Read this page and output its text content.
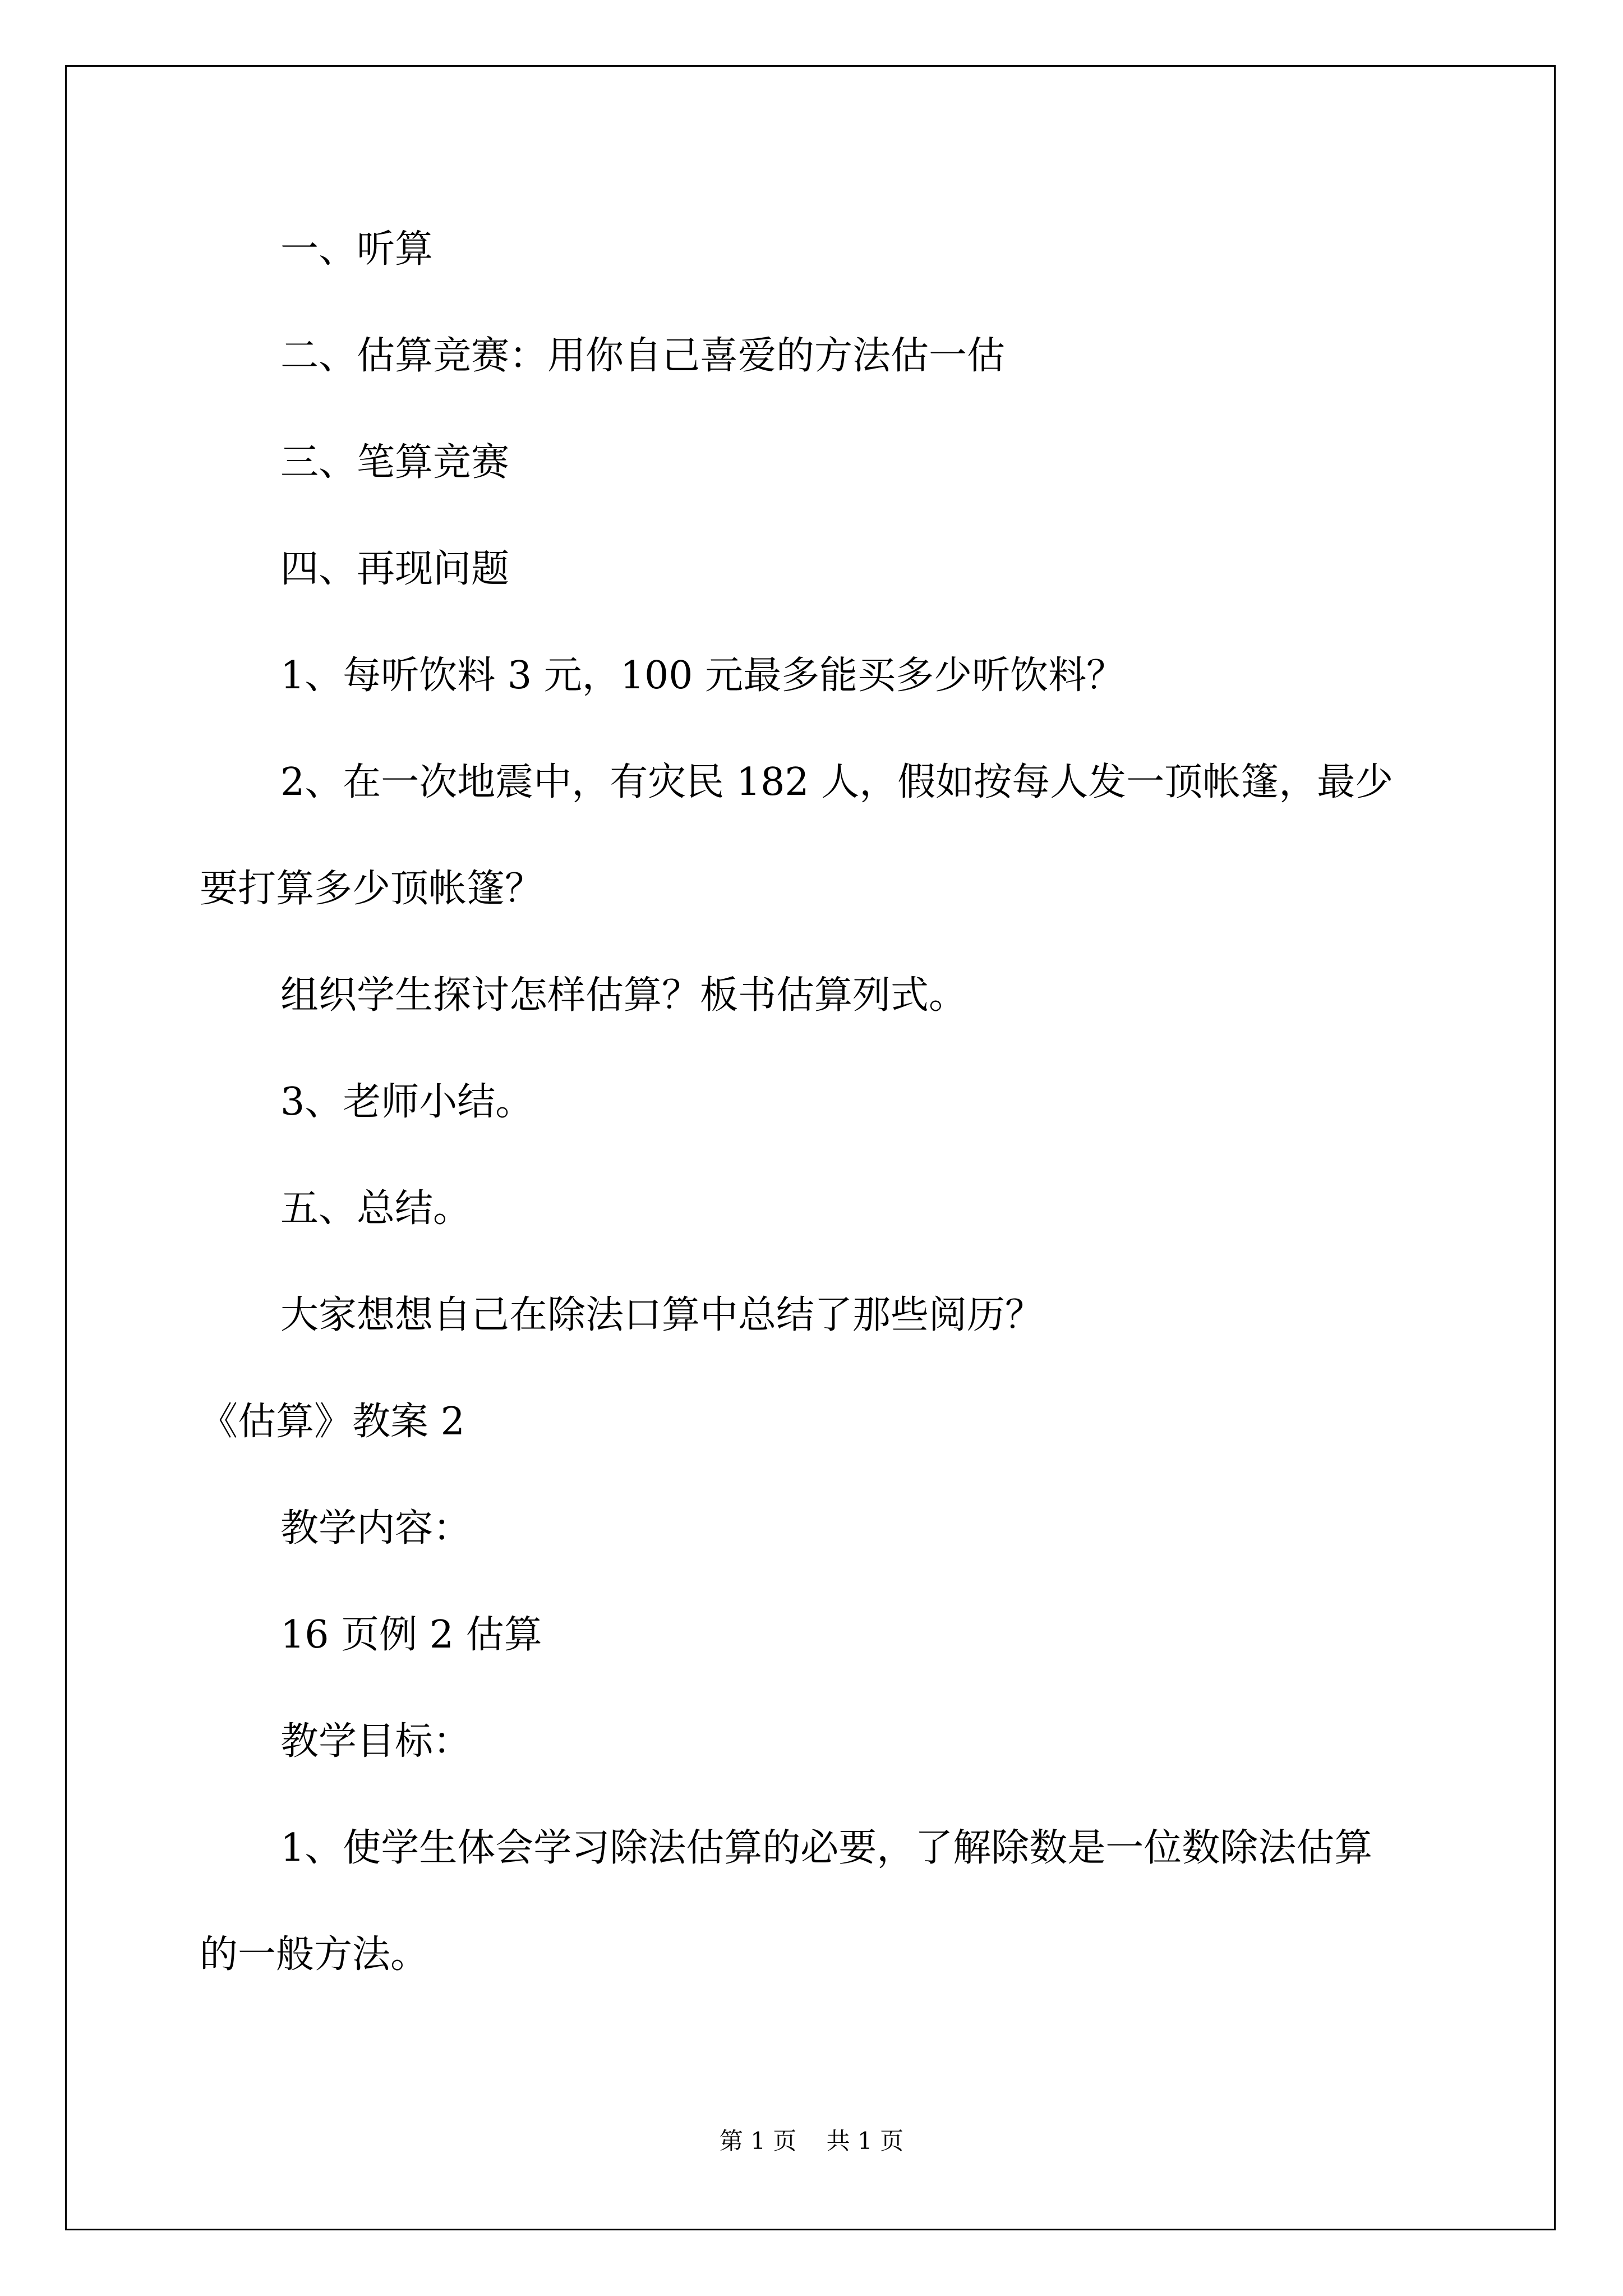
一、听算

二、估算竞赛：用你自己喜爱的方法估一估

三、笔算竞赛

四、再现问题

1、每听饮料 3 元，100 元最多能买多少听饮料？

2、在一次地震中，有灾民 182 人，假如按每人发一顶帐篷，最少

要打算多少顶帐篷？

组织学生探讨怎样估算？板书估算列式。

3、老师小结。

五、总结。

大家想想自己在除法口算中总结了那些阅历？

《估算》教案 2

教学内容：

16 页例 2 估算

教学目标：

1、使学生体会学习除法估算的必要，了解除数是一位数除法估算

的一般方法。

第 1 页 共 1 页
